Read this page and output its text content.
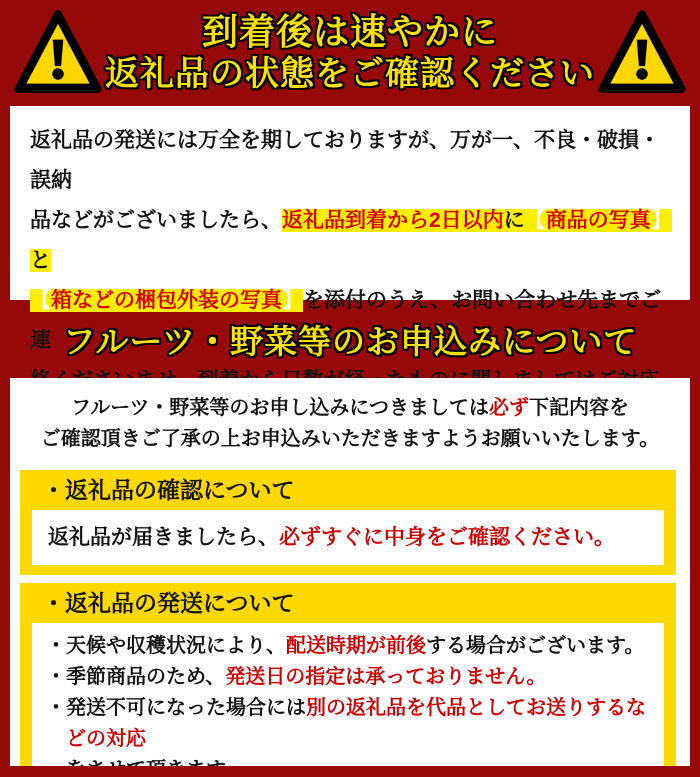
到着後は速やかに
返礼品の状態をご確認ください
返礼品の発送には万全を期しておりますが、万が一、不良・破損・誤納
品などがございましたら、返礼品到着から2日以内に【商品の写真】と
【箱などの梱包外装の写真】を添付のうえ、お問い合わせ先までご連 フルーツ・野菜等のお申込みについて
フルーツ・野菜等のお申し込みにつきましては必ず下記内容を
ご確認頂きご了承の上お申込みいただきますようお願いいたします。
・返礼品の確認について
返礼品が届きましたら、必ずすぐに中身をご確認ください。
・返礼品の発送について
・天候や収穫状況により、配送時期が前後する場合がございます。
・季節商品のため、発送日の指定は承っておりません。
・発送不可になった場合には別の返礼品を代品としてお送りするなどの対応
